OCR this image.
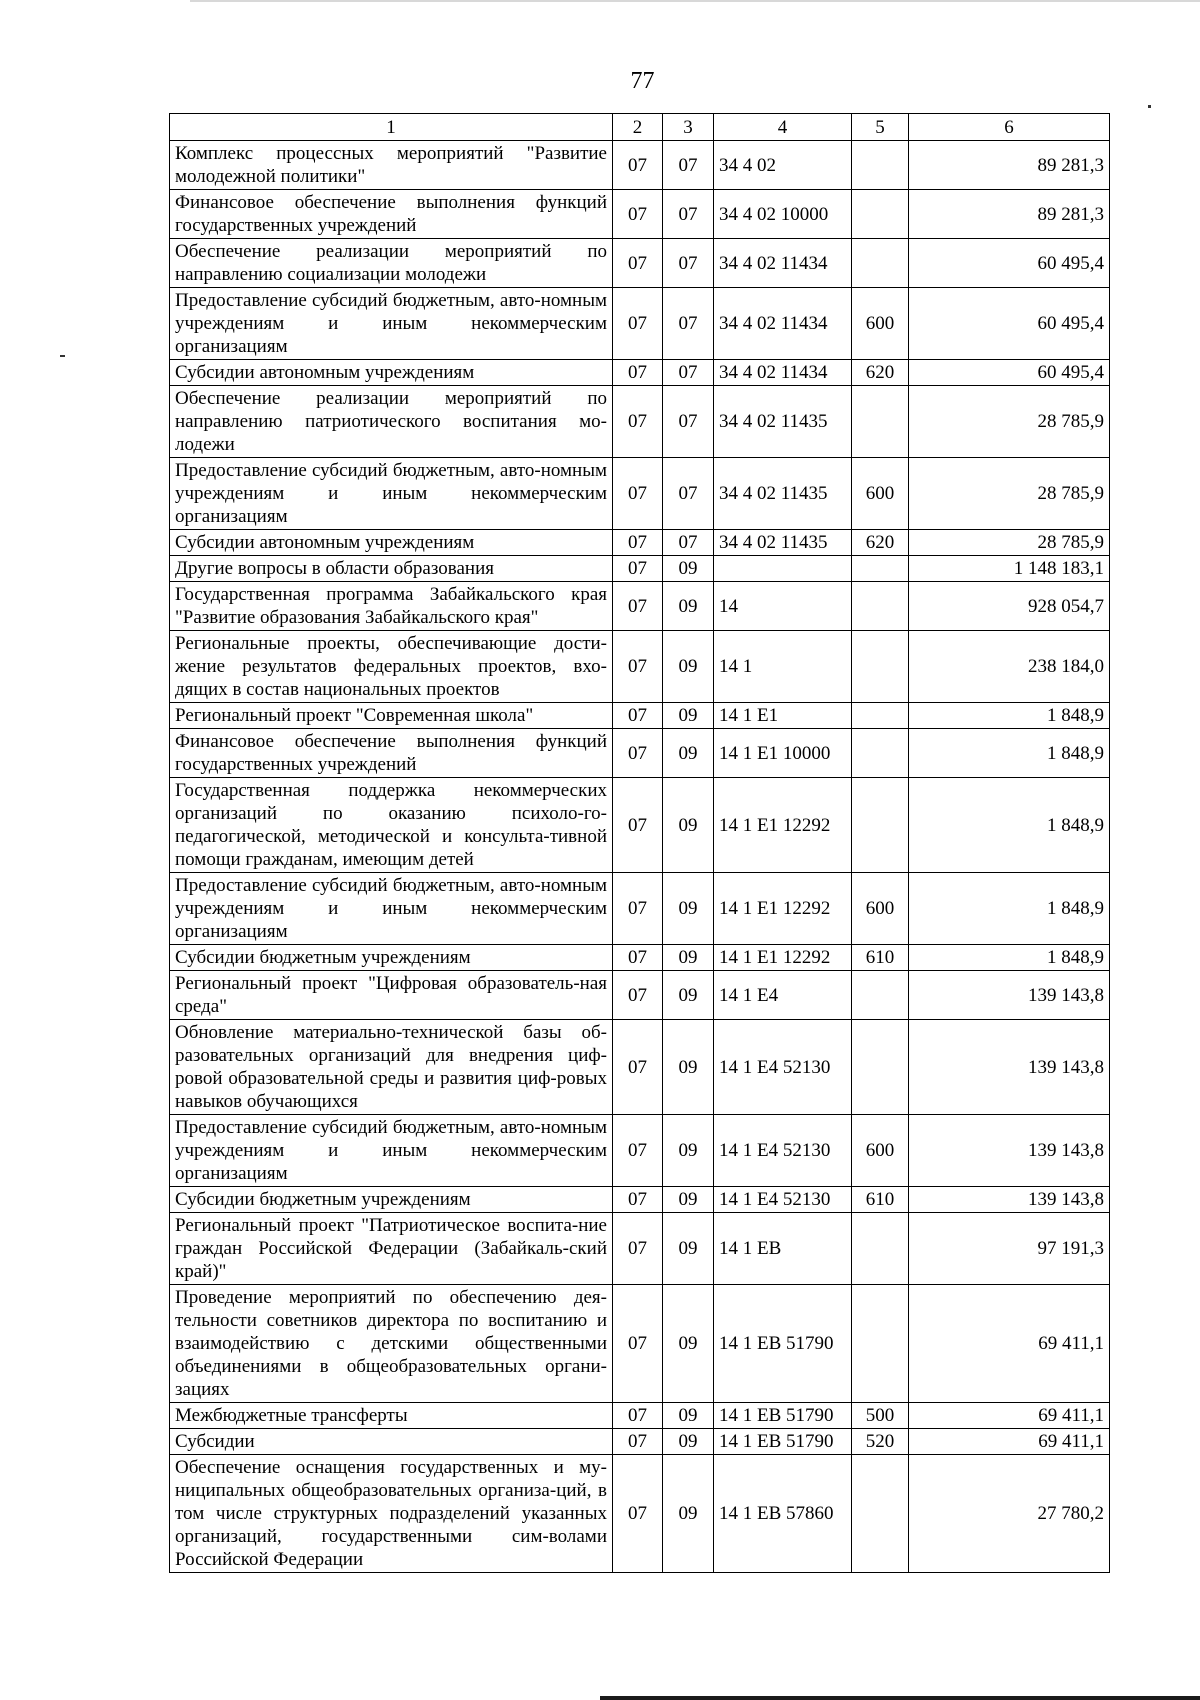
77
1	2	3	4	5	6
Комплекс процессных мероприятий "Развитие молодежной политики"	07	07	34 4 02		89 281,3
Финансовое обеспечение выполнения функций государственных учреждений	07	07	34 4 02 10000		89 281,3
Обеспечение реализации мероприятий по направлению социализации молодежи	07	07	34 4 02 11434		60 495,4
Предоставление субсидий бюджетным, авто-номным учреждениям и иным некоммерческим организациям	07	07	34 4 02 11434	600	60 495,4
Субсидии автономным учреждениям	07	07	34 4 02 11434	620	60 495,4
Обеспечение реализации мероприятий по направлению патриотического воспитания мо-лодежи	07	07	34 4 02 11435		28 785,9
Предоставление субсидий бюджетным, авто-номным учреждениям и иным некоммерческим организациям	07	07	34 4 02 11435	600	28 785,9
Субсидии автономным учреждениям	07	07	34 4 02 11435	620	28 785,9
Другие вопросы в области образования	07	09			1 148 183,1
Государственная программа Забайкальского края "Развитие образования Забайкальского края"	07	09	14		928 054,7
Региональные проекты, обеспечивающие дости-жение результатов федеральных проектов, вхо-дящих в состав национальных проектов	07	09	14 1		238 184,0
Региональный проект "Современная школа"	07	09	14 1 E1		1 848,9
Финансовое обеспечение выполнения функций государственных учреждений	07	09	14 1 E1 10000		1 848,9
Государственная поддержка некоммерческих организаций по оказанию психоло-го-педагогической, методической и консульта-тивной помощи гражданам, имеющим детей	07	09	14 1 E1 12292		1 848,9
Предоставление субсидий бюджетным, авто-номным учреждениям и иным некоммерческим организациям	07	09	14 1 E1 12292	600	1 848,9
Субсидии бюджетным учреждениям	07	09	14 1 E1 12292	610	1 848,9
Региональный проект "Цифровая образователь-ная среда"	07	09	14 1 E4		139 143,8
Обновление материально-технической базы об-разовательных организаций для внедрения циф-ровой образовательной среды и развития циф-ровых навыков обучающихся	07	09	14 1 E4 52130		139 143,8
Предоставление субсидий бюджетным, авто-номным учреждениям и иным некоммерческим организациям	07	09	14 1 E4 52130	600	139 143,8
Субсидии бюджетным учреждениям	07	09	14 1 E4 52130	610	139 143,8
Региональный проект "Патриотическое воспита-ние граждан Российской Федерации (Забайкаль-ский край)"	07	09	14 1 EB		97 191,3
Проведение мероприятий по обеспечению дея-тельности советников директора по воспитанию и взаимодействию с детскими общественными объединениями в общеобразовательных органи-зациях	07	09	14 1 EB 51790		69 411,1
Межбюджетные трансферты	07	09	14 1 EB 51790	500	69 411,1
Субсидии	07	09	14 1 EB 51790	520	69 411,1
Обеспечение оснащения государственных и му-ниципальных общеобразовательных организа-ций, в том числе структурных подразделений указанных организаций, государственными сим-волами Российской Федерации	07	09	14 1 EB 57860		27 780,2
